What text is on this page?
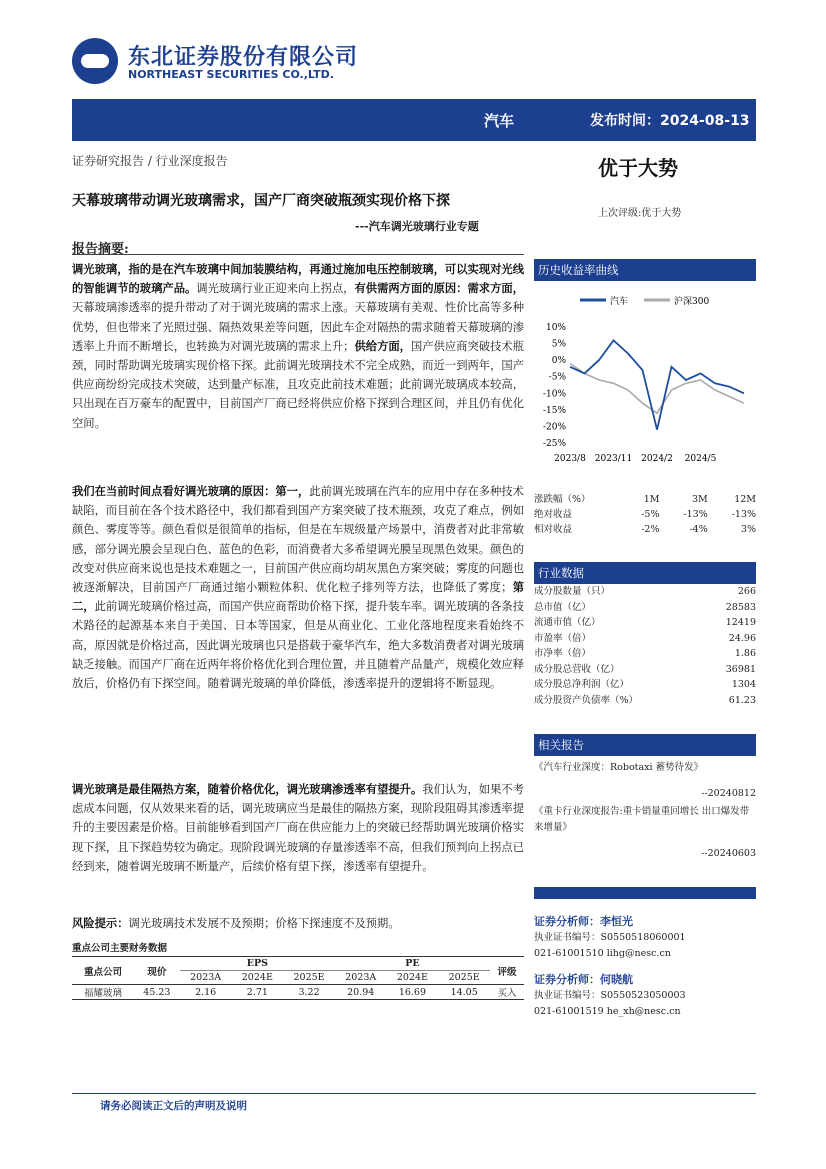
东北证券股份有限公司
NORTHEAST SECURITIES CO.,LTD.
汽车	发布时间：2024-08-13
证券研究报告 / 行业深度报告	优于大势
天幕玻璃带动调光玻璃需求，国产厂商突破瓶颈实现价格下探
---汽车调光玻璃行业专题
上次评级:优于大势
报告摘要:
调光玻璃，指的是在汽车玻璃中间加装膜结构，再通过施加电压控制玻璃，可以实现对光线的智能调节的玻璃产品。调光玻璃行业正迎来向上拐点，有供需两方面的原因：需求方面，天幕玻璃渗透率的提升带动了对于调光玻璃的需求上涨。天幕玻璃有美观、性价比高等多种优势，但也带来了光照过强、隔热效果差等问题，因此车企对隔热的需求随着天幕玻璃的渗透率上升而不断增长，也转换为对调光玻璃的需求上升；供给方面，国产供应商突破技术瓶颈，同时帮助调光玻璃实现价格下探。此前调光玻璃技术不完全成熟，而近一到两年，国产供应商纷纷完成技术突破，达到量产标准，且攻克此前技术难题；此前调光玻璃成本较高，只出现在百万豪车的配置中，目前国产厂商已经将供应价格下探到合理区间，并且仍有优化空间。
我们在当前时间点看好调光玻璃的原因：第一，此前调光玻璃在汽车的应用中存在多种技术缺陷，而目前在各个技术路径中，我们都看到国产方案突破了技术瓶颈，攻克了难点，例如颜色、雾度等等。颜色看似是很简单的指标，但是在车规级量产场景中，消费者对此非常敏感，部分调光膜会呈现白色、蓝色的色彩，而消费者大多希望调光膜呈现黑色效果。颜色的改变对供应商来说也是技术难题之一，目前国产供应商均胡灰黑色方案突破；雾度的问题也被逐渐解决，目前国产厂商通过缩小颗粒体积、优化粒子排列等方法，也降低了雾度；第二，此前调光玻璃价格过高，而国产供应商帮助价格下探，提升装车率。调光玻璃的各条技术路径的起源基本来自于美国、日本等国家，但是从商业化、工业化落地程度来看始终不高，原因就是价格过高，因此调光玻璃也只是搭载于豪华汽车，绝大多数消费者对调光玻璃缺乏接触。而国产厂商在近两年将价格优化到合理位置，并且随着产品量产，规模化效应释放后，价格仍有下探空间。随着调光玻璃的单价降低，渗透率提升的逻辑将不断显现。
调光玻璃是最佳隔热方案，随着价格优化，调光玻璃渗透率有望提升。我们认为，如果不考虑成本问题，仅从效果来看的话，调光玻璃应当是最佳的隔热方案，现阶段阻碍其渗透率提升的主要因素是价格。目前能够看到国产厂商在供应能力上的突破已经帮助调光玻璃价格实现下探，且下探趋势较为确定。现阶段调光玻璃的存量渗透率不高，但我们预判向上拐点已经到来，随着调光玻璃不断量产，后续价格有望下探，渗透率有望提升。
风险提示：调光玻璃技术发展不及预期；价格下探速度不及预期。
重点公司主要财务数据
重点公司	现价	EPS			PE			评级
		2023A	2024E	2025E	2023A	2024E	2025E	
福耀玻璃	45.23	2.16	2.71	3.22	20.94	16.69	14.05	买入
历史收益率曲线
汽车	沪深300
10%
5%
0%
-5%
-10%
-15%
-20%
-25%
2023/8 2023/11 2024/2 2024/5
涨跌幅（%）	1M	3M	12M
绝对收益	-5%	-13%	-13%
相对收益	-2%	-4%	3%
行业数据
成分股数量（只）	266
总市值（亿）	28583
流通市值（亿）	12419
市盈率（倍）	24.96
市净率（倍）	1.86
成分股总营收（亿）	36981
成分股总净利润（亿）	1304
成分股资产负债率（%）	61.23
相关报告
《汽车行业深度：Robotaxi 蓄势待发》
--20240812
《重卡行业深度报告:重卡销量重回增长 出口爆发带来增量》
--20240603
证券分析师：李恒光
执业证书编号：S0550518060001
021-61001510 lihg@nesc.cn
证券分析师：何晓航
执业证书编号：S0550523050003
021-61001519 he_xh@nesc.cn
请务必阅读正文后的声明及说明
